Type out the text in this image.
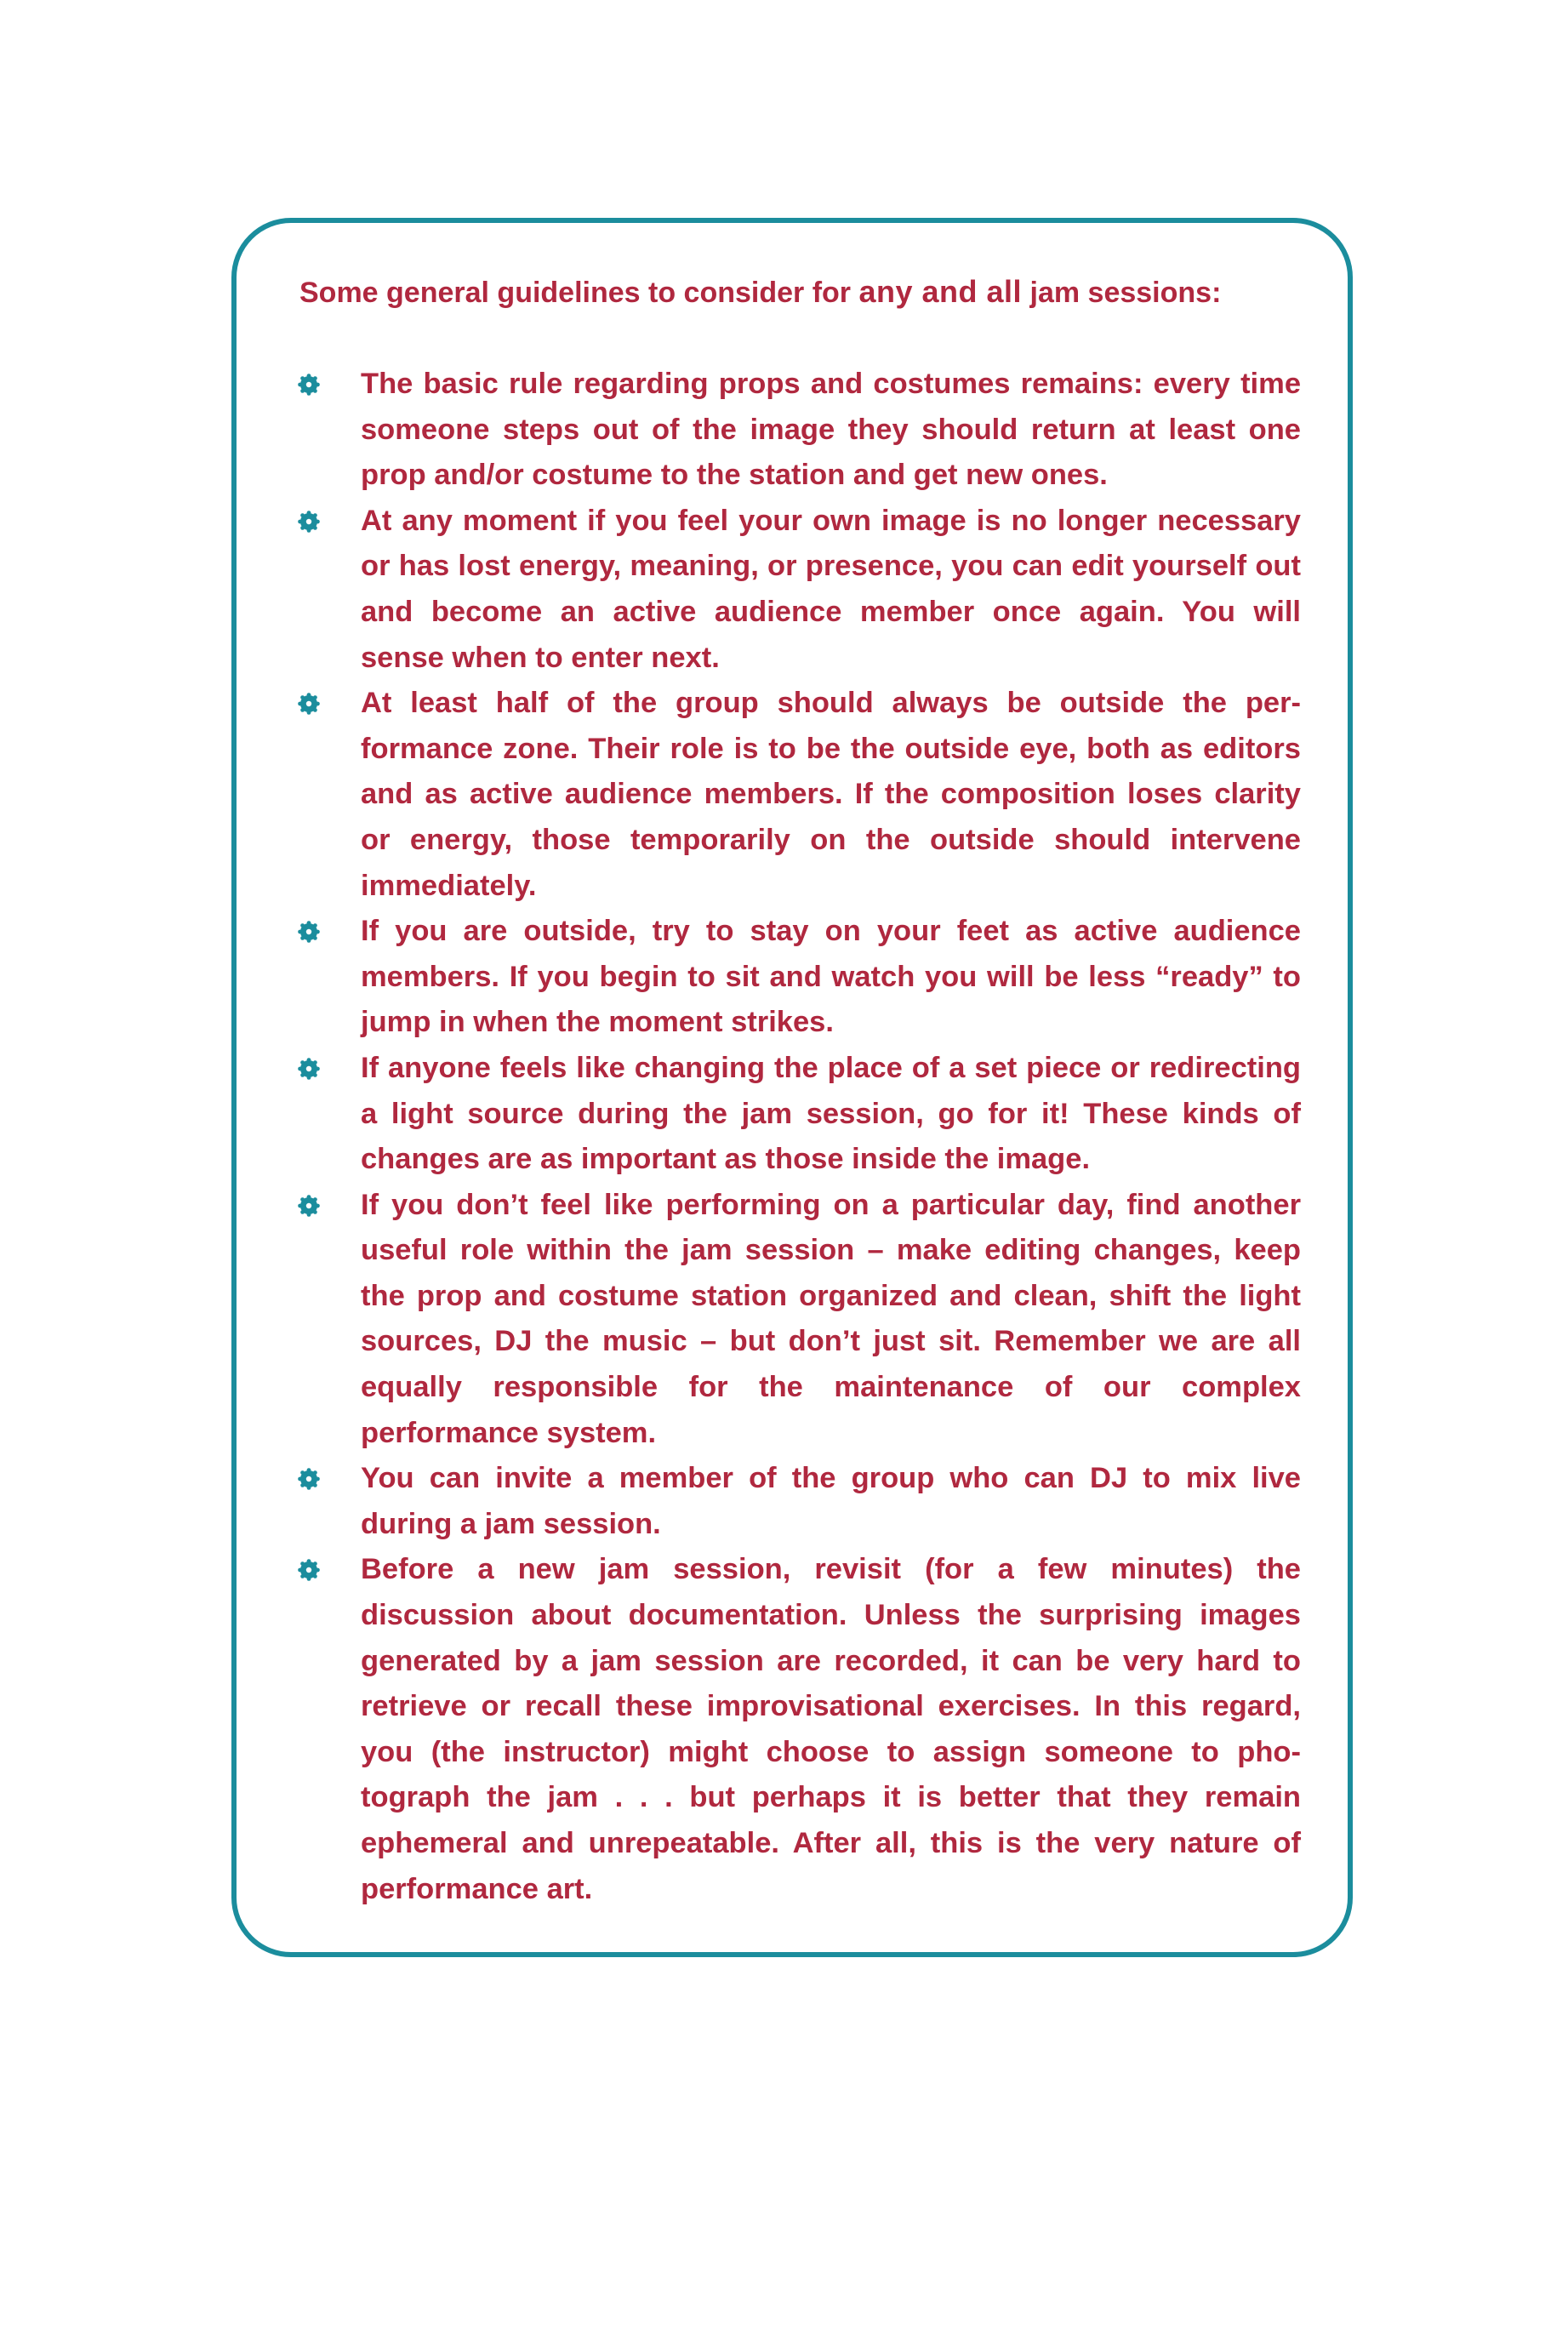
Some general guidelines to consider for any and all jam sessions:

The basic rule regarding props and costumes remains: every time someone steps out of the image they should return at least one prop and/or costume to the station and get new ones.
At any moment if you feel your own image is no longer necessary or has lost energy, meaning, or presence, you can edit yourself out and become an active audience member once again. You will sense when to enter next.
At least half of the group should always be outside the performance zone. Their role is to be the outside eye, both as editors and as active audience members. If the composition loses clarity or energy, those temporarily on the outside should intervene immediately.
If you are outside, try to stay on your feet as active audience members. If you begin to sit and watch you will be less “ready” to jump in when the moment strikes.
If anyone feels like changing the place of a set piece or redirecting a light source during the jam session, go for it! These kinds of changes are as important as those inside the image.
If you don’t feel like performing on a particular day, find another useful role within the jam session – make editing changes, keep the prop and costume station organized and clean, shift the light sources, DJ the music – but don’t just sit. Remember we are all equally responsible for the maintenance of our complex performance system.
You can invite a member of the group who can DJ to mix live during a jam session.
Before a new jam session, revisit (for a few minutes) the discussion about documentation. Unless the surprising images generated by a jam session are recorded, it can be very hard to retrieve or recall these improvisational exercises. In this regard, you (the instructor) might choose to assign someone to photograph the jam . . . but perhaps it is better that they remain ephemeral and unrepeatable. After all, this is the very nature of performance art.
